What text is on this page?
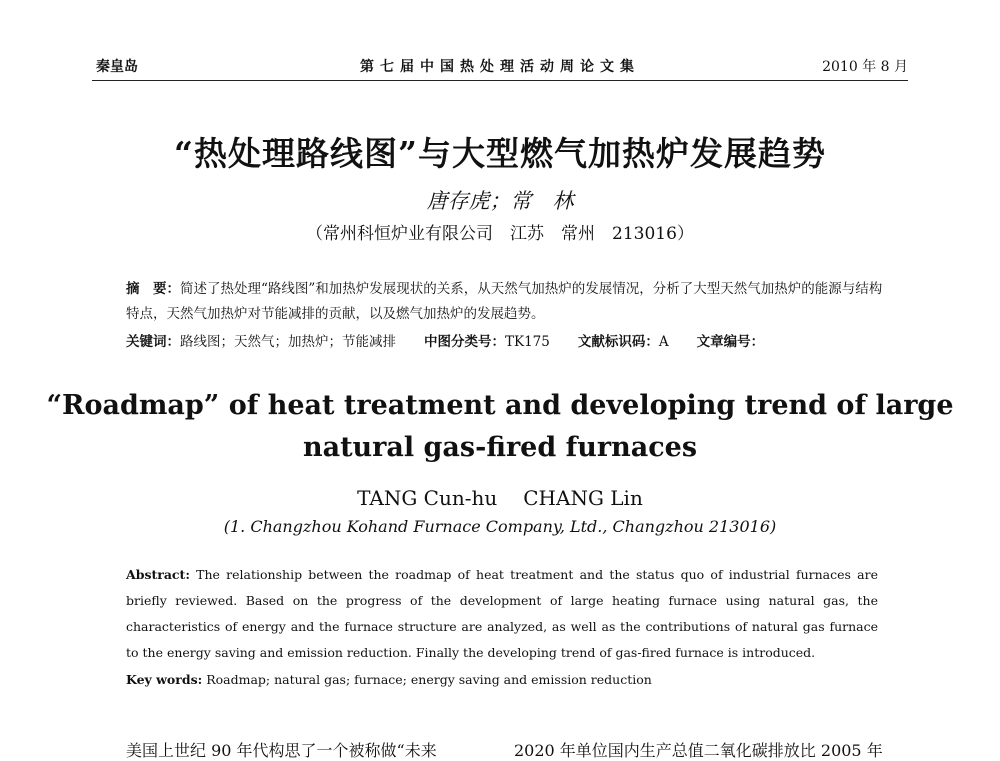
秦皇岛	第七届中国热处理活动周论文集	2010 年 8 月
“热处理路线图”与大型燃气加热炉发展趋势
唐存虎；常　林
（常州科恒炉业有限公司　江苏　常州　213016）
摘　要：简述了热处理“路线图”和加热炉发展现状的关系，从天然气加热炉的发展情况，分析了大型天然气加热炉的能源与结构特点，天然气加热炉对节能减排的贡献，以及燃气加热炉的发展趋势。
关键词：路线图；天然气；加热炉；节能减排 中图分类号：TK175 文献标识码：A 文章编号：
“Roadmap” of heat treatment and developing trend of large natural gas-fired furnaces
TANG Cun-hu CHANG Lin
(1. Changzhou Kohand Furnace Company, Ltd., Changzhou 213016)
Abstract: The relationship between the roadmap of heat treatment and the status quo of industrial furnaces are briefly reviewed. Based on the progress of the development of large heating furnace using natural gas, the characteristics of energy and the furnace structure are analyzed, as well as the contributions of natural gas furnace to the energy saving and emission reduction. Finally the developing trend of gas-fired furnace is introduced.
Key words: Roadmap; natural gas; furnace; energy saving and emission reduction
美国上世纪 90 年代构思了一个被称做“未来	2020 年单位国内生产总值二氧化碳排放比 2005 年
